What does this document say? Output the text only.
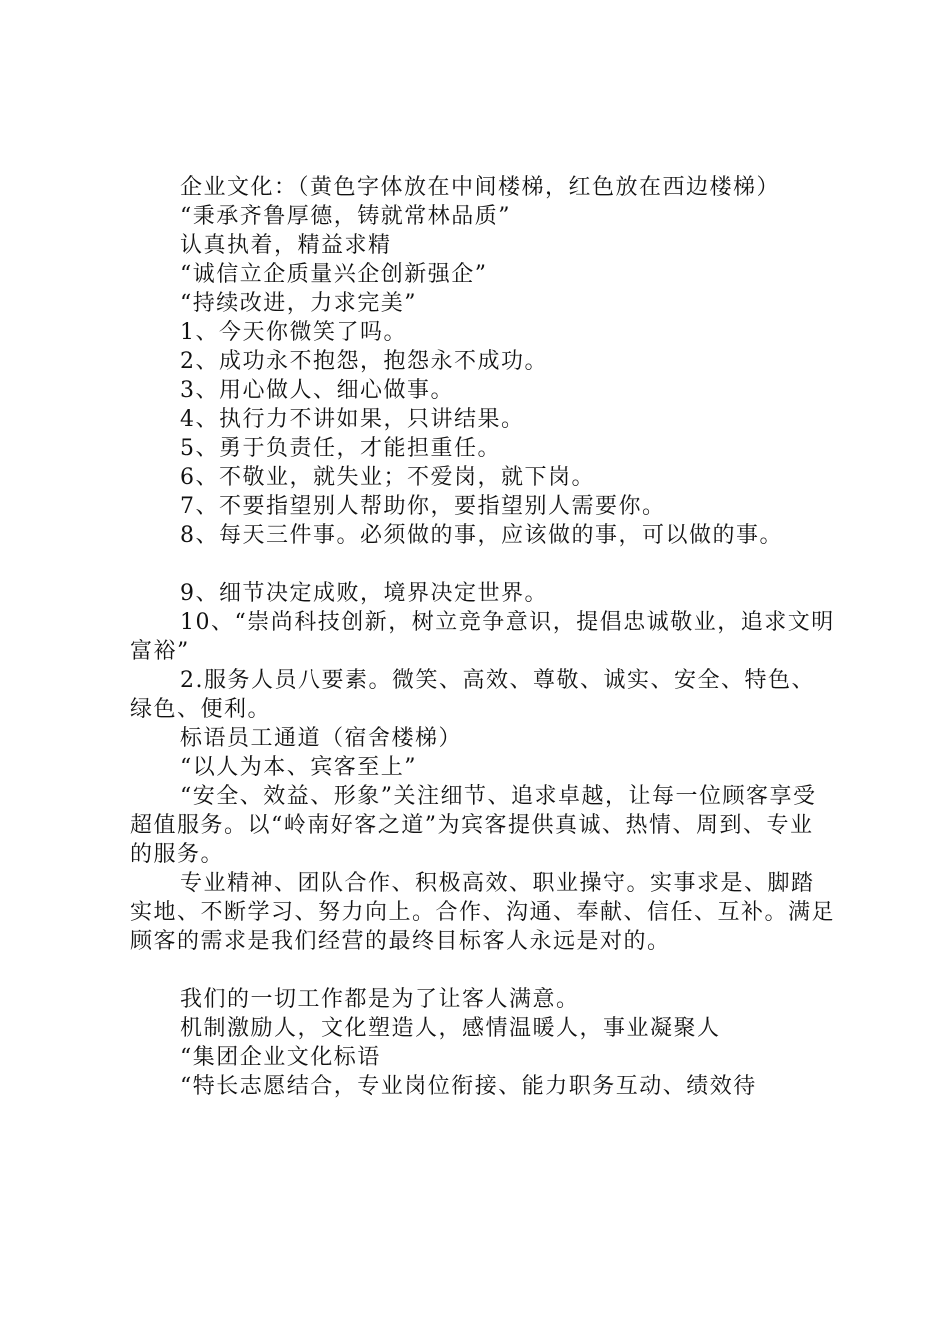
企业文化：（黄色字体放在中间楼梯，红色放在西边楼梯）

“秉承齐鲁厚德，铸就常林品质”

认真执着，精益求精

“诚信立企质量兴企创新强企”

“持续改进，力求完美”

1、今天你微笑了吗。

2、成功永不抱怨，抱怨永不成功。

3、用心做人、细心做事。

4、执行力不讲如果，只讲结果。

5、勇于负责任，才能担重任。

6、不敬业，就失业；不爱岗，就下岗。

7、不要指望别人帮助你，要指望别人需要你。

8、每天三件事。必须做的事，应该做的事，可以做的事。

9、细节决定成败，境界决定世界。

10、“崇尚科技创新，树立竞争意识，提倡忠诚敬业，追求文明富裕”

2.服务人员八要素。微笑、高效、尊敬、诚实、安全、特色、绿色、便利。

标语员工通道（宿舍楼梯）

“以人为本、宾客至上”

“安全、效益、形象”关注细节、追求卓越，让每一位顾客享受超值服务。以“岭南好客之道”为宾客提供真诚、热情、周到、专业的服务。

专业精神、团队合作、积极高效、职业操守。实事求是、脚踏实地、不断学习、努力向上。合作、沟通、奉献、信任、互补。满足顾客的需求是我们经营的最终目标客人永远是对的。

我们的一切工作都是为了让客人满意。

机制激励人，文化塑造人，感情温暖人，事业凝聚人

“集团企业文化标语

“特长志愿结合，专业岗位衔接、能力职务互动、绩效待
